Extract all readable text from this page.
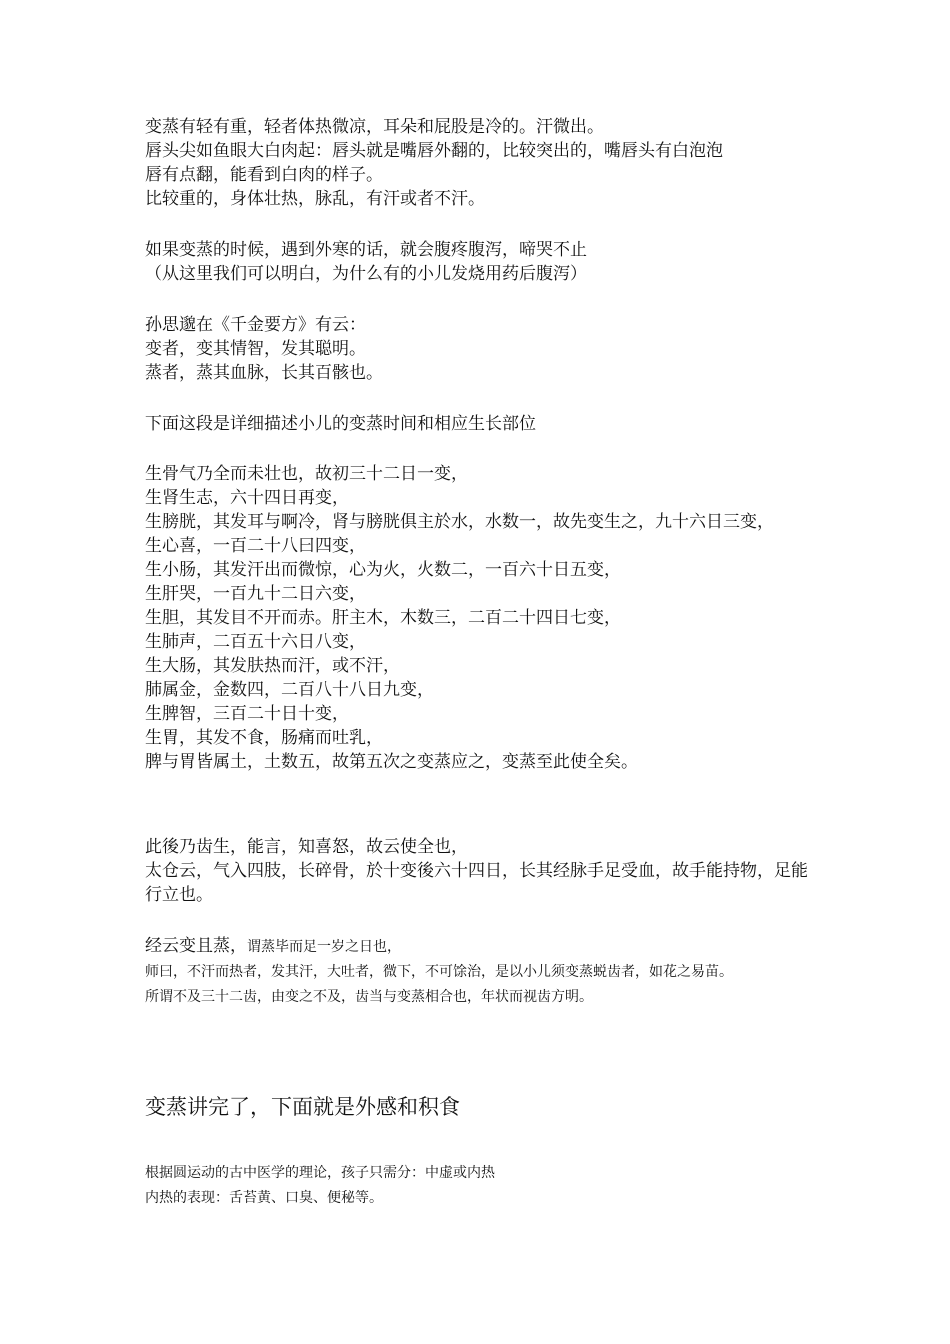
变蒸有轻有重，轻者体热微凉，耳朵和屁股是冷的。汗微出。
唇头尖如鱼眼大白肉起：唇头就是嘴唇外翻的，比较突出的，嘴唇头有白泡泡
唇有点翻，能看到白肉的样子。
比较重的，身体壮热，脉乱，有汗或者不汗。
如果变蒸的时候，遇到外寒的话，就会腹疼腹泻，啼哭不止
（从这里我们可以明白，为什么有的小儿发烧用药后腹泻）
孙思邈在《千金要方》有云：
变者，变其情智，发其聪明。
蒸者，蒸其血脉，长其百骸也。
下面这段是详细描述小儿的变蒸时间和相应生长部位
生骨气乃全而未壮也，故初三十二日一变，
生肾生志，六十四日再变，
生膀胱，其发耳与啊冷，肾与膀胱俱主於水，水数一，故先变生之，九十六日三变，
生心喜，一百二十八曰四变，
生小肠，其发汗出而微惊，心为火，火数二，一百六十日五变，
生肝哭，一百九十二日六变，
生胆，其发目不开而赤。肝主木，木数三，二百二十四日七变，
生肺声，二百五十六日八变，
生大肠，其发肤热而汗，或不汗，
肺属金，金数四，二百八十八日九变，
生脾智，三百二十日十变，
生胃，其发不食，肠痛而吐乳，
脾与胃皆属土，土数五，故第五次之变蒸应之，变蒸至此使全矣。
此後乃齿生，能言，知喜怒，故云使全也，
太仓云，气入四肢，长碎骨，於十变後六十四日，长其经脉手足受血，故手能持物，足能行立也。
经云变且蒸，谓蒸毕而足一岁之日也，
师曰，不汗而热者，发其汗，大吐者，微下，不可馀治，是以小儿须变蒸蜕齿者，如花之易苗。
所谓不及三十二齿，由变之不及，齿当与变蒸相合也，年状而视齿方明。
变蒸讲完了，下面就是外感和积食
根据圆运动的古中医学的理论，孩子只需分：中虚或内热
内热的表现：舌苔黄、口臭、便秘等。
